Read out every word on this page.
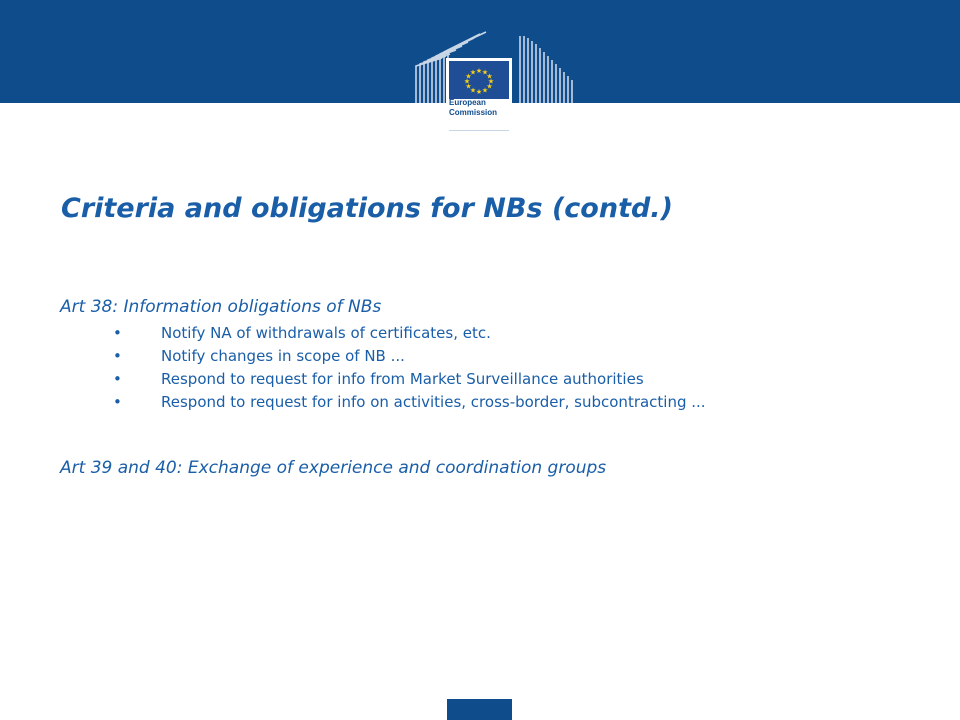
★ ★
★
★
★
★
★
★
★
★
★
★
European
Commission
Criteria and obligations for NBs (contd.)

Art 38: Information obligations of NBs

•	Notify NA of withdrawals of certificates, etc.
•	Notify changes in scope of NB ...
•	Respond to request for info from Market Surveillance authorities
•	Respond to request for info on activities, cross-border, subcontracting ...

Art 39 and 40: Exchange of experience and coordination groups
